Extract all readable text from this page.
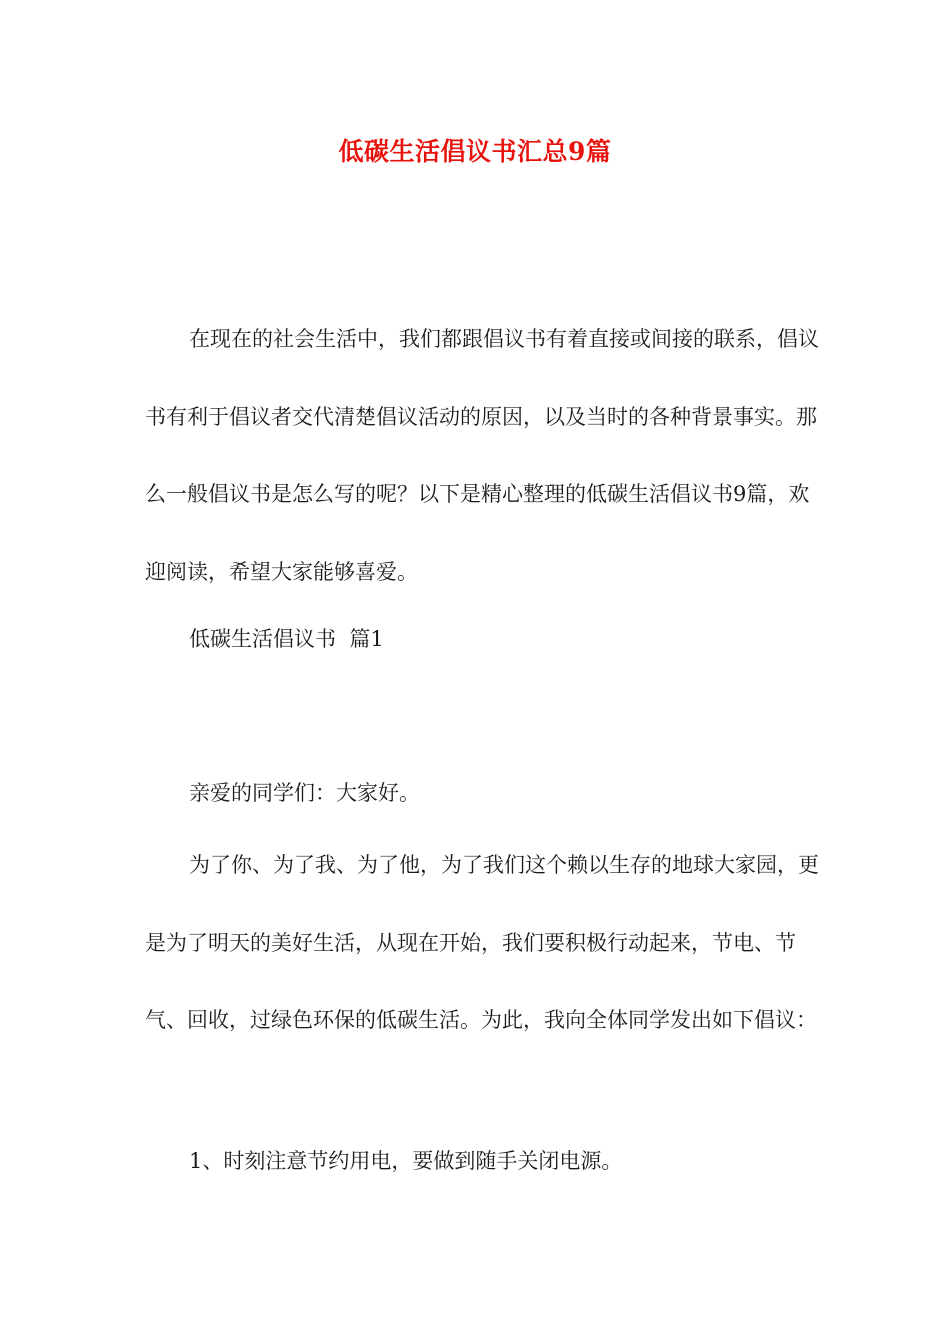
低碳生活倡议书汇总9篇

在现在的社会生活中，我们都跟倡议书有着直接或间接的联系，倡议书有利于倡议者交代清楚倡议活动的原因，以及当时的各种背景事实。那么一般倡议书是怎么写的呢？以下是精心整理的低碳生活倡议书9篇，欢迎阅读，希望大家能够喜爱。

低碳生活倡议书  篇1

亲爱的同学们：大家好。

为了你、为了我、为了他，为了我们这个赖以生存的地球大家园，更是为了明天的美好生活，从现在开始，我们要积极行动起来，节电、节气、回收，过绿色环保的低碳生活。为此，我向全体同学发出如下倡议：

1、时刻注意节约用电，要做到随手关闭电源。
